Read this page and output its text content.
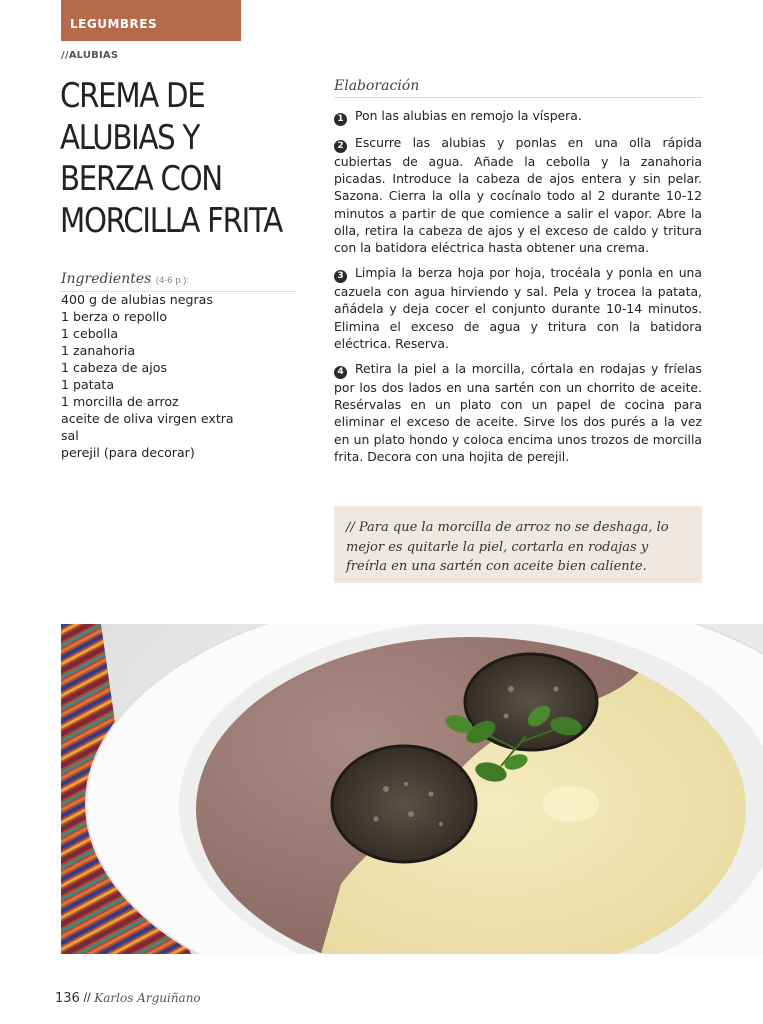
LEGUMBRES
//ALUBIAS
CREMA DE
ALUBIAS Y
BERZA CON
MORCILLA FRITA
Ingredientes (4-6 p.):
400 g de alubias negras
1 berza o repollo
1 cebolla
1 zanahoria
1 cabeza de ajos
1 patata
1 morcilla de arroz
aceite de oliva virgen extra
sal
perejil (para decorar)
Elaboración

1 Pon las alubias en remojo la víspera.

2 Escurre las alubias y ponlas en una olla rápida cubiertas de agua. Añade la cebolla y la zanahoria picadas. Introduce la cabeza de ajos entera y sin pelar. Sazona. Cierra la olla y cocínalo todo al 2 durante 10-12 minutos a partir de que comience a salir el vapor. Abre la olla, retira la cabeza de ajos y el exceso de caldo y tritura con la batidora eléctrica hasta obtener una crema.

3 Limpia la berza hoja por hoja, trocéala y ponla en una cazuela con agua hirviendo y sal. Pela y trocea la patata, añádela y deja cocer el conjunto durante 10-14 minutos. Elimina el exceso de agua y tritura con la batidora eléctrica. Reserva.

4 Retira la piel a la morcilla, córtala en rodajas y fríelas por los dos lados en una sartén con un chorrito de aceite. Resérvalas en un plato con un papel de cocina para eliminar el exceso de aceite. Sirve los dos purés a la vez en un plato hondo y coloca encima unos trozos de morcilla frita. Decora con una hojita de perejil.

// Para que la morcilla de arroz no se deshaga, lo mejor es quitarle la piel, cortarla en rodajas y freírla en una sartén con aceite bien caliente.
136 // Karlos Arguiñano
